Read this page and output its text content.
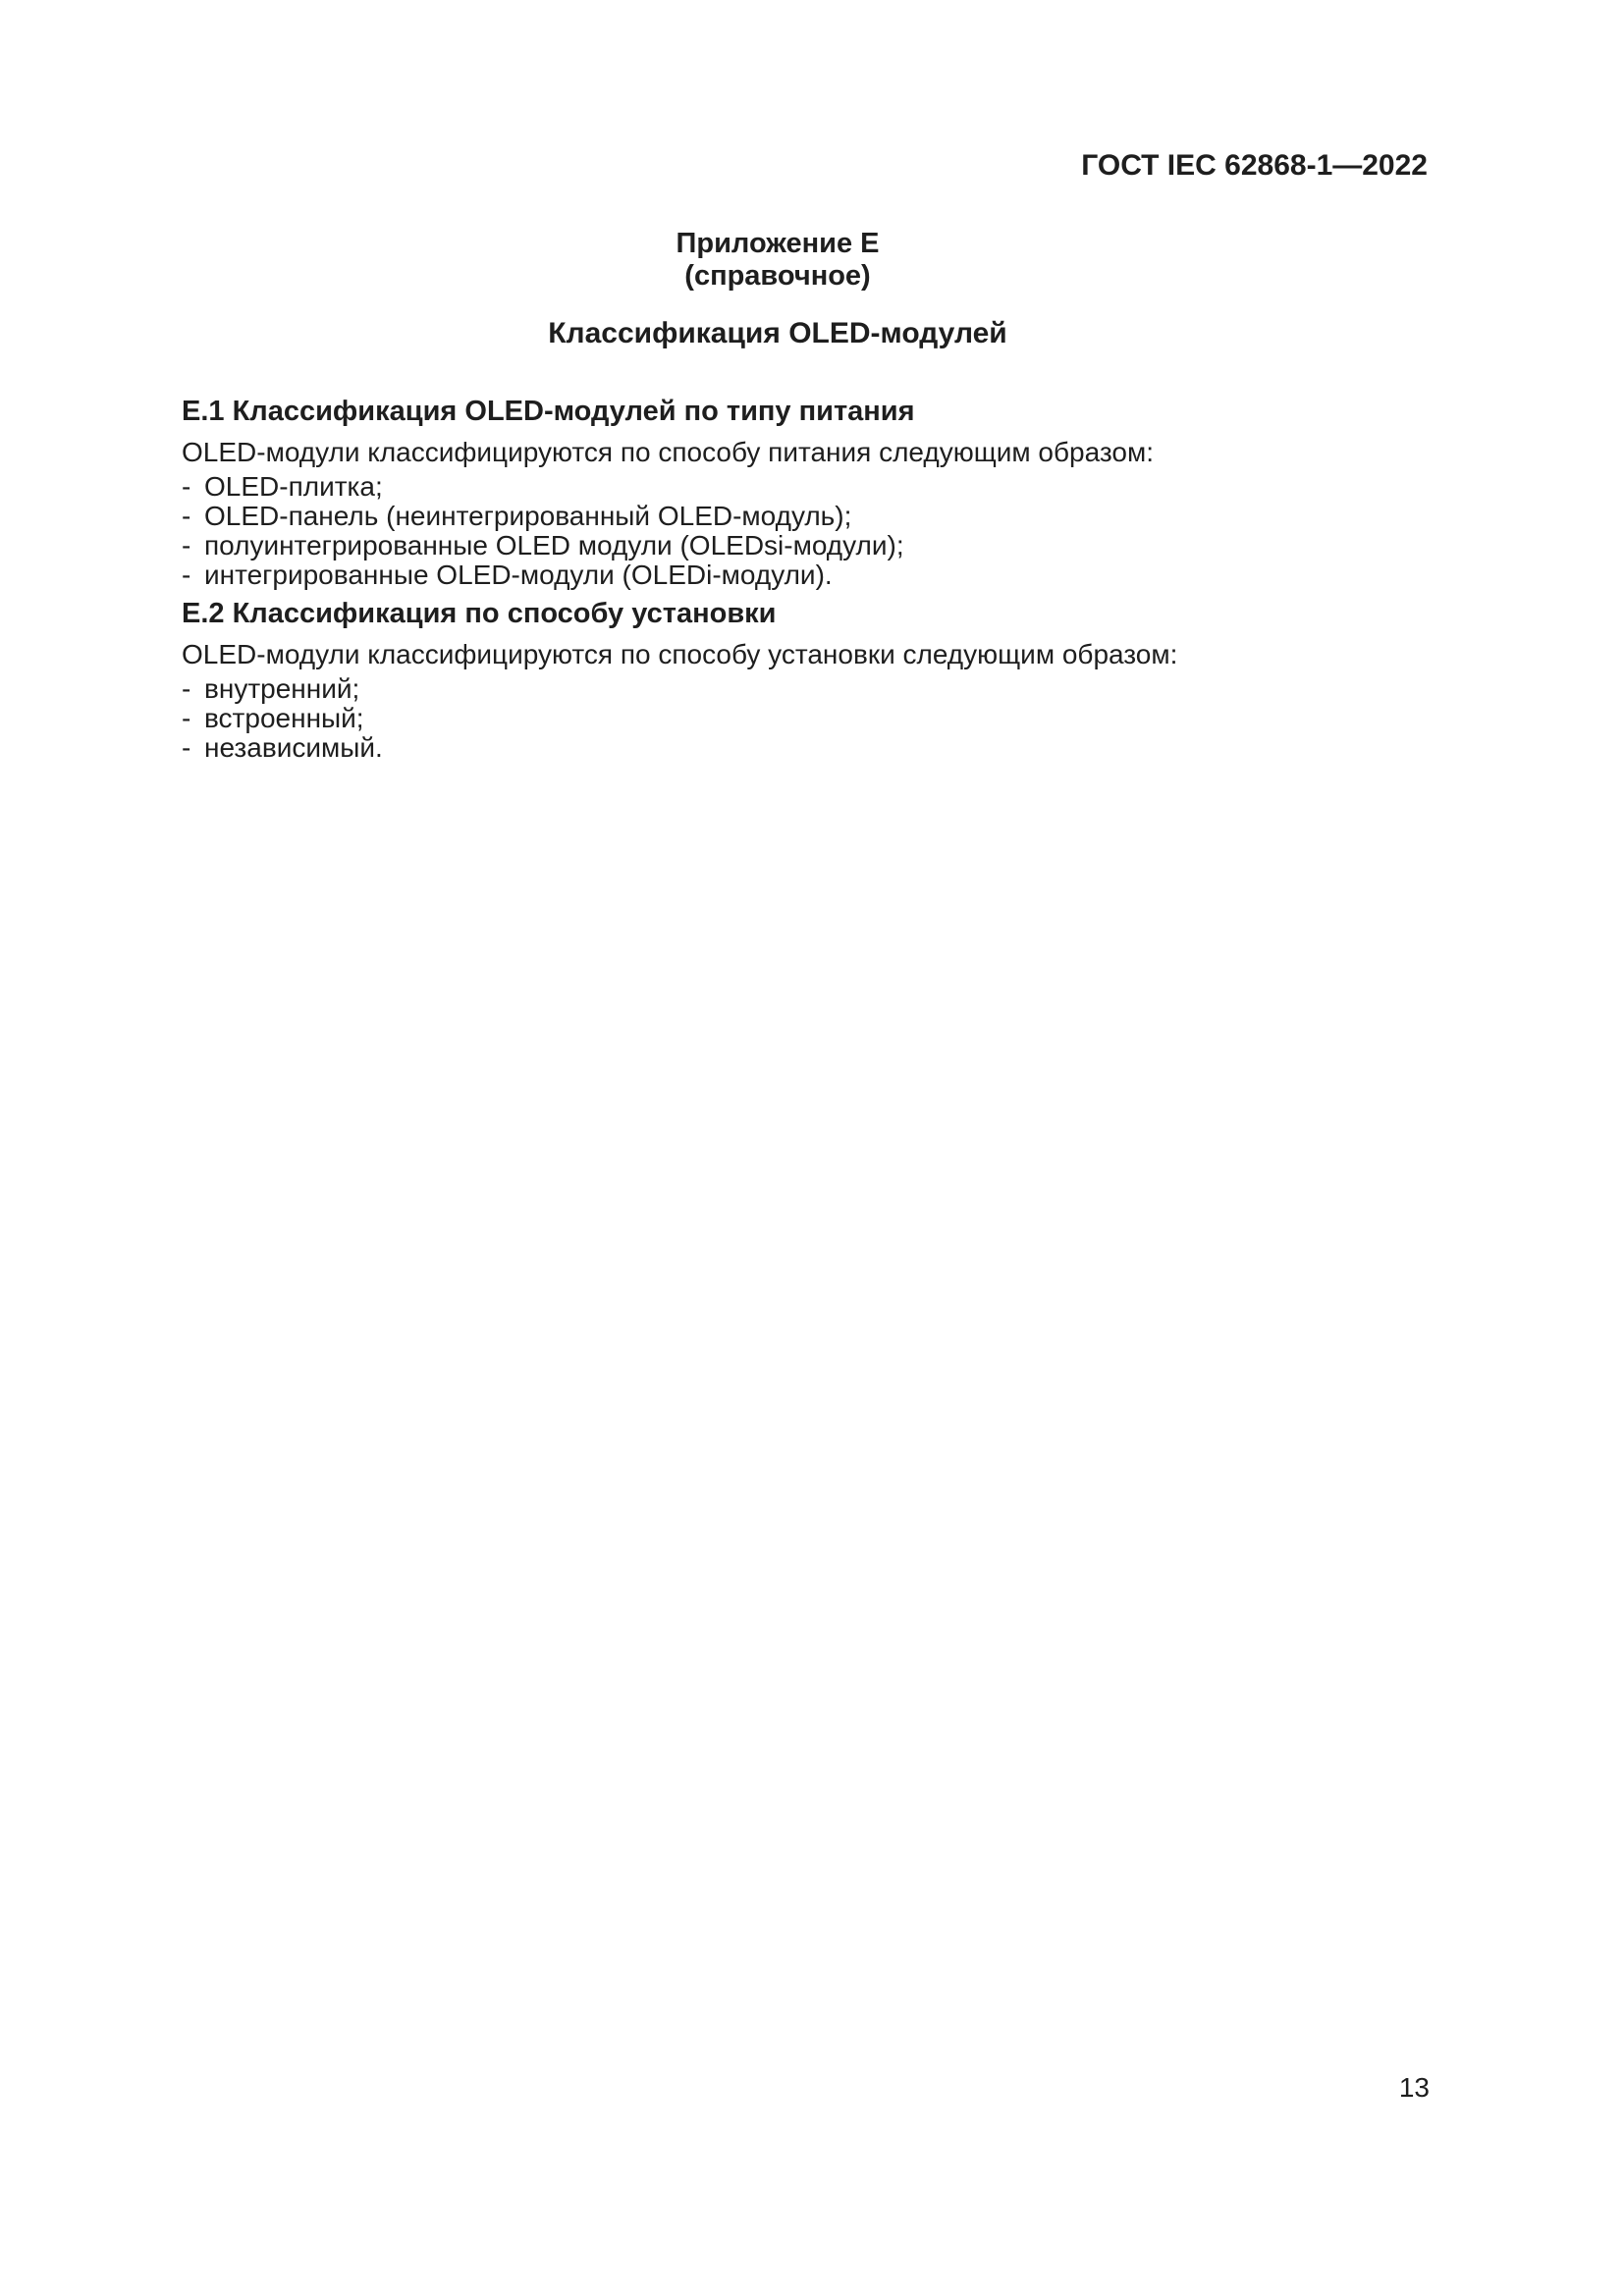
ГОСТ IEC 62868-1—2022
Приложение Е
(справочное)
Классификация OLED-модулей
Е.1 Классификация OLED-модулей по типу питания

OLED-модули классифицируются по способу питания следующим образом:

- OLED-плитка;
- OLED-панель (неинтегрированный OLED-модуль);
- полуинтегрированные OLED модули (OLEDsi-модули);
- интегрированные OLED-модули (OLEDi-модули).
Е.2 Классификация по способу установки

OLED-модули классифицируются по способу установки следующим образом:

- внутренний;
- встроенный;
- независимый.
13
